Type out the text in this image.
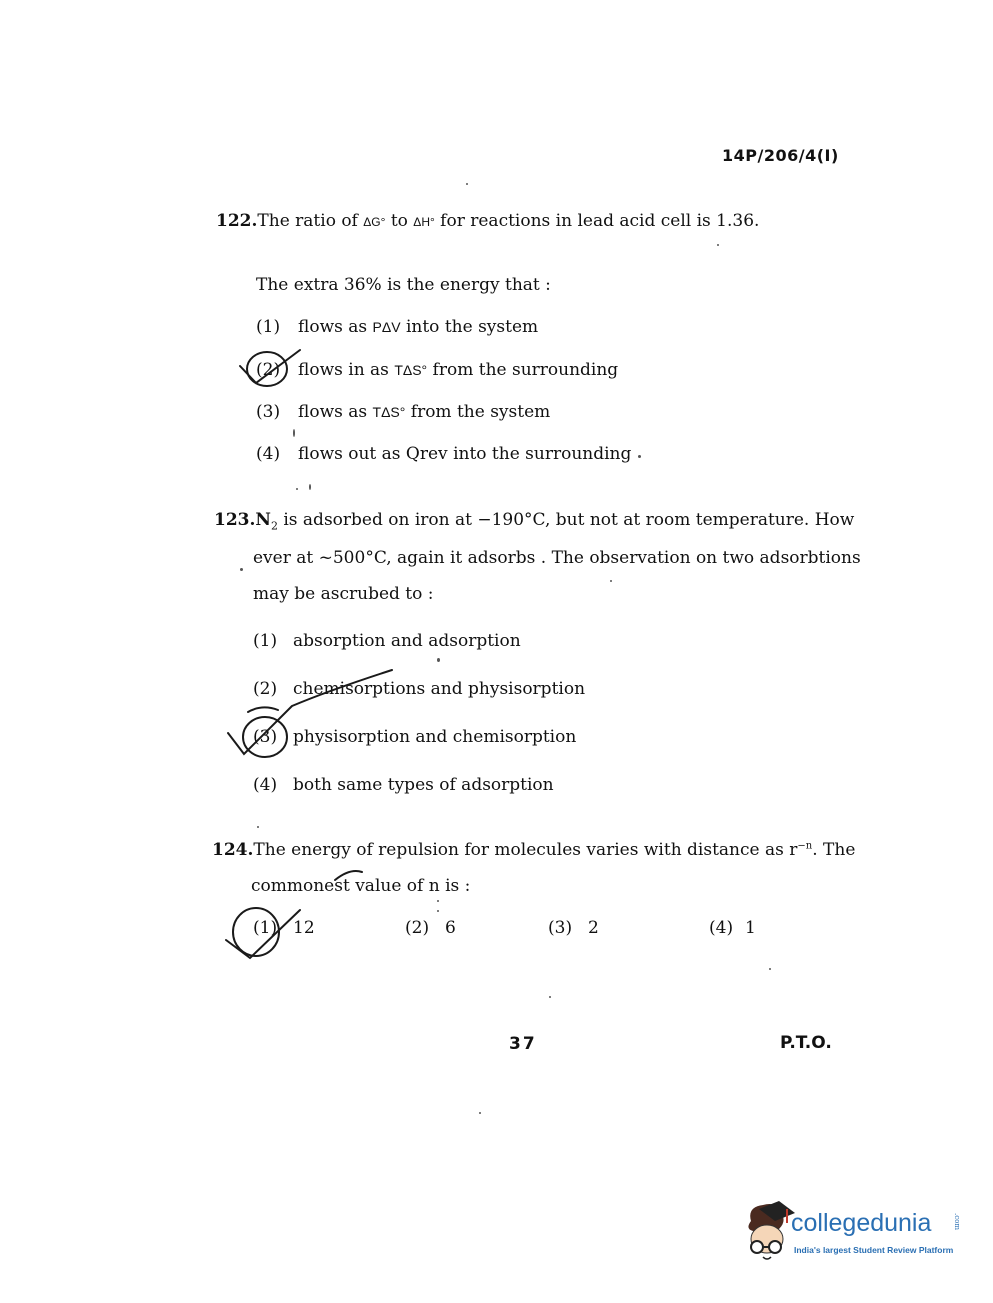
14P/206/4(I)
122.The ratio of ΔG° to ΔH° for reactions in lead acid cell is 1.36.
The extra 36% is the energy that :
(1) flows as PΔV into the system
(2) flows in as TΔS° from the surrounding
(3) flows as TΔS° from the system
(4) flows out as Qrev into the surrounding
$123.N_2$ is adsorbed on iron at −190°C, but not at room temperature. How
ever at ~500°C, again it adsorbs . The observation on two adsorbtions
may be ascrubed to :
(1) absorption and adsorption
(2) chemisorptions and physisorption
(3) physisorption and chemisorption
(4) both same types of adsorption
124.The energy of repulsion for molecules varies with distance as $r^{-n}$. The
commonest value of n is :
(1) 12	(2) 6	(3) 2	(4) 1
37	P.T.O.
collegedunia	.com
India's largest Student Review Platform
